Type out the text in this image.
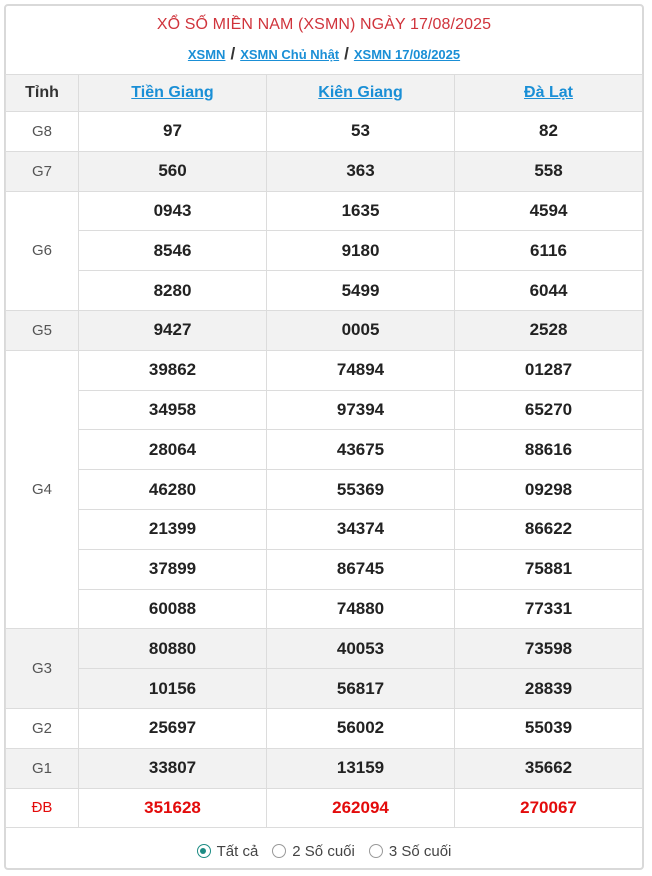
XỔ SỐ MIỀN NAM (XSMN) NGÀY 17/08/2025
XSMN / XSMN Chủ Nhật / XSMN 17/08/2025
Tỉnh	Tiền Giang	Kiên Giang	Đà Lạt
G8	97	53	82
G7	560	363	558
G6	0943	1635	4594
	8546	9180	6116
	8280	5499	6044
G5	9427	0005	2528
G4	39862	74894	01287
	34958	97394	65270
	28064	43675	88616
	46280	55369	09298
	21399	34374	86622
	37899	86745	75881
	60088	74880	77331
G3	80880	40053	73598
	10156	56817	28839
G2	25697	56002	55039
G1	33807	13159	35662
ĐB	351628	262094	270067
Tất cả 2 Số cuối 3 Số cuối
